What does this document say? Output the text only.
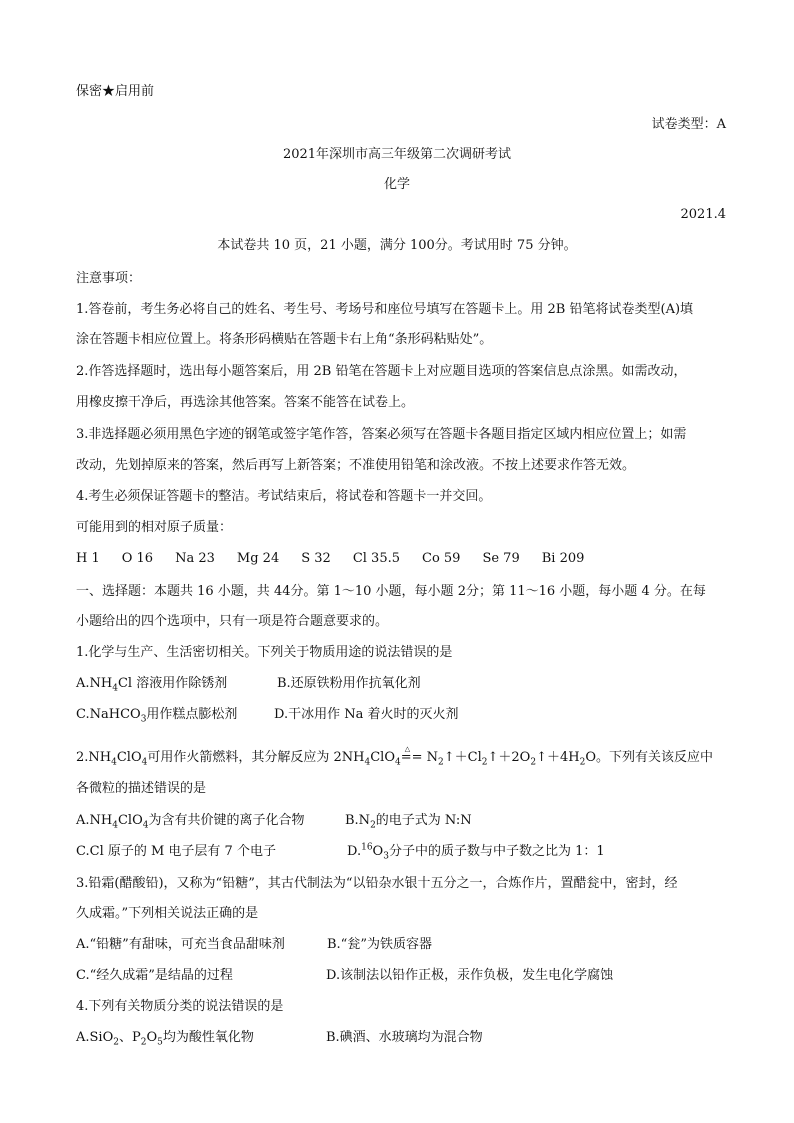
保密★启用前
试卷类型：A
2021年深圳市高三年级第二次调研考试
化学
2021.4
本试卷共 10 页，21 小题，满分 100分。考试用时 75 分钟。
注意事项：
1.答卷前，考生务必将自己的姓名、考生号、考场号和座位号填写在答题卡上。用 2B 铅笔将试卷类型(A)填
涂在答题卡相应位置上。将条形码横贴在答题卡右上角“条形码粘贴处”。
2.作答选择题时，选出每小题答案后，用 2B 铅笔在答题卡上对应题目选项的答案信息点涂黑。如需改动，
用橡皮擦干净后，再选涂其他答案。答案不能答在试卷上。
3.非选择题必须用黑色字迹的钢笔或签字笔作答，答案必须写在答题卡各题目指定区域内相应位置上；如需
改动，先划掉原来的答案，然后再写上新答案；不准使用铅笔和涂改液。不按上述要求作答无效。
4.考生必须保证答题卡的整洁。考试结束后，将试卷和答题卡一并交回。
可能用到的相对原子质量：
H 1 O 16 Na 23 Mg 24 S 32 Cl 35.5 Co 59 Se 79 Bi 209
一、选择题：本题共 16 小题，共 44分。第 1～10 小题，每小题 2分；第 11～16 小题，每小题 4 分。在每
小题给出的四个选项中，只有一项是符合题意要求的。
1.化学与生产、生活密切相关。下列关于物质用途的说法错误的是
$A.NH_4Cl$ 溶液用作除锈剂	B.还原铁粉用作抗氧化剂
C.NaHCO$_3$用作糕点膨松剂	D.干冰用作 Na 着火时的灭火剂
$2.NH_4ClO_4$可用作火箭燃料，其分解反应为 $2NH_4ClO_4\triangle$ == $N_2↑+Cl_2↑+2O_2↑+4H_2O$。下列有关该反应中
各微粒的描述错误的是
$A.NH_4ClO_4$为含有共价键的离子化合物	$B.N_2$的电子式为 N:N
C.Cl 原子的 M 电子层有 7 个电子	$D.^{16}O_3$分子中的质子数与中子数之比为 1：1
3.铅霜(醋酸铅)，又称为“铅糖”，其古代制法为“以铅杂水银十五分之一，合炼作片，置醋瓮中，密封，经
久成霜。”下列相关说法正确的是
A.“铅糖”有甜味，可充当食品甜味剂	B.“瓮”为铁质容器
C.“经久成霜”是结晶的过程	D.该制法以铅作正极，汞作负极，发生电化学腐蚀
4.下列有关物质分类的说法错误的是
A.SiO$_2$、$P_2O_5$均为酸性氧化物	B.碘酒、水玻璃均为混合物
